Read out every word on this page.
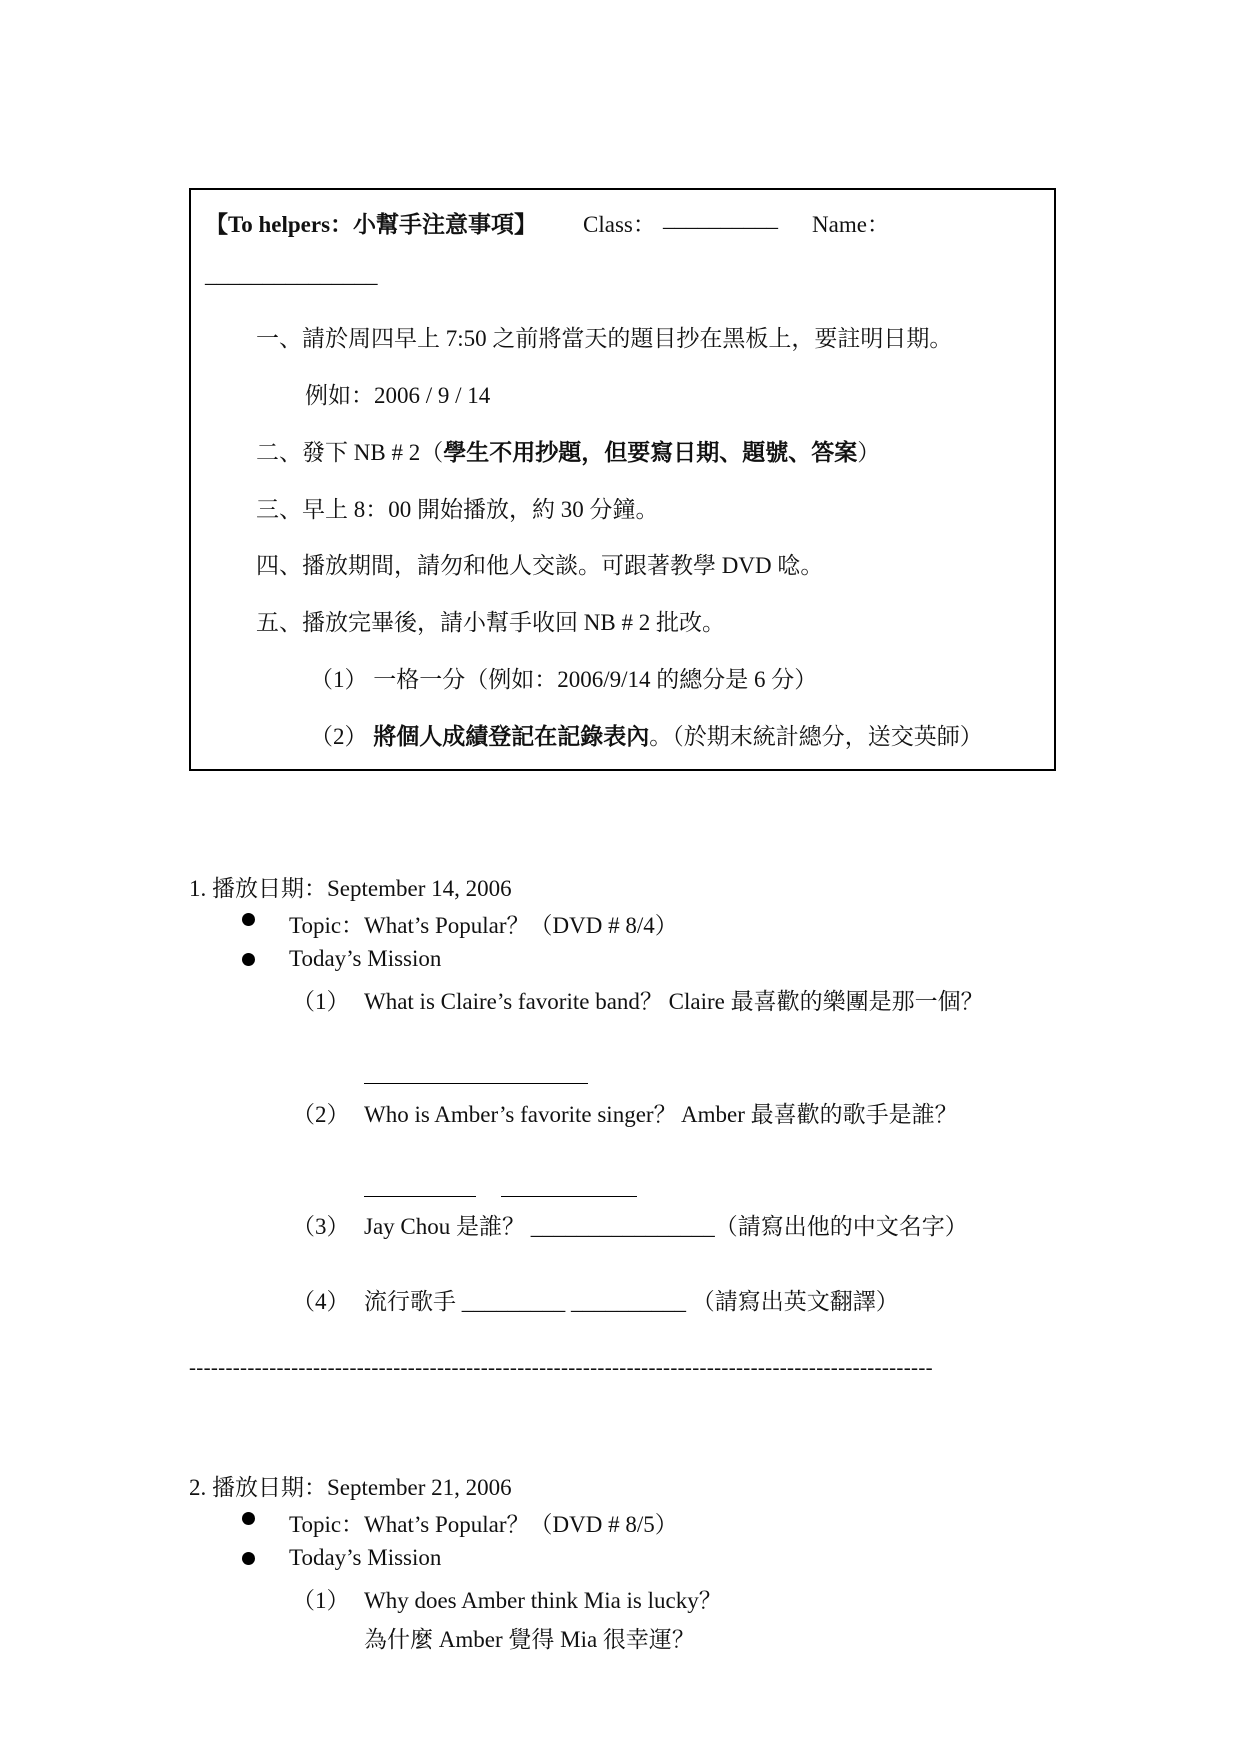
【To helpers：小幫手注意事項】 Class： __________ Name：
_______________
一、請於周四早上 7:50 之前將當天的題目抄在黑板上，要註明日期。
例如：2006 / 9 / 14
二、發下 NB # 2（學生不用抄題，但要寫日期、題號、答案）
三、早上 8：00 開始播放，約 30 分鐘。
四、播放期間，請勿和他人交談。可跟著教學 DVD 唸。
五、播放完畢後，請小幫手收回 NB # 2 批改。
（1） 一格一分（例如：2006/9/14 的總分是 6 分）
（2） 將個人成績登記在記錄表內。（於期末統計總分，送交英師）
1. 播放日期：September 14, 2006
Topic：What’s Popular？（DVD # 8/4）
Today’s Mission
（1） What is Claire’s favorite band？ Claire 最喜歡的樂團是那一個？
（2） Who is Amber’s favorite singer？ Amber 最喜歡的歌手是誰？
（3） Jay Chou 是誰？ ________________（請寫出他的中文名字）
（4） 流行歌手 _________ __________ （請寫出英文翻譯）
------------------------------------------------------------------------------------------------------
2. 播放日期：September 21, 2006
Topic：What’s Popular？（DVD # 8/5）
Today’s Mission
（1） Why does Amber think Mia is lucky？
為什麼 Amber 覺得 Mia 很幸運？
